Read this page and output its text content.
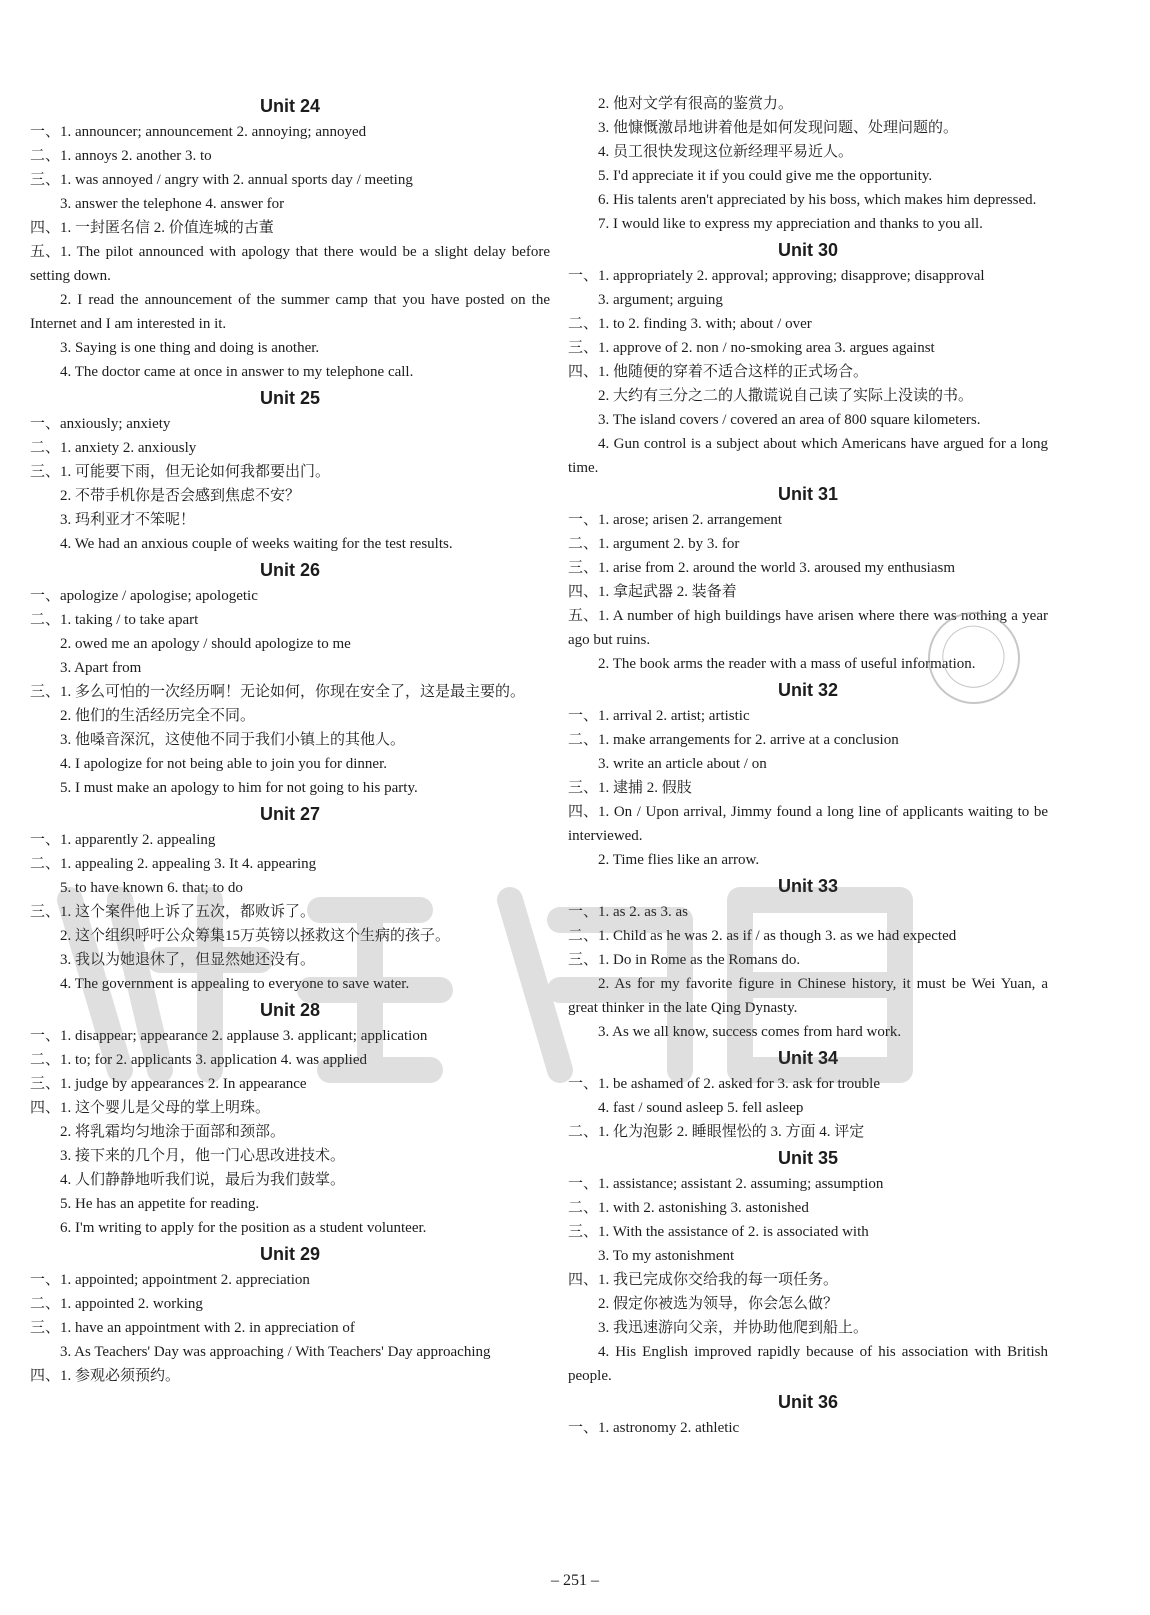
Unit 24
一、1. announcer; announcement 2. annoying; annoyed
二、1. annoys 2. another 3. to
三、1. was annoyed / angry with 2. annual sports day / meeting
3. answer the telephone 4. answer for
四、1. 一封匿名信 2. 价值连城的古董
五、1. The pilot announced with apology that there would be a slight delay before setting down.
2. I read the announcement of the summer camp that you have posted on the Internet and I am interested in it.
3. Saying is one thing and doing is another.
4. The doctor came at once in answer to my telephone call.
Unit 25
一、anxiously; anxiety
二、1. anxiety 2. anxiously
三、1. 可能要下雨，但无论如何我都要出门。
2. 不带手机你是否会感到焦虑不安？
3. 玛利亚才不笨呢！
4. We had an anxious couple of weeks waiting for the test results.
Unit 26
一、apologize / apologise; apologetic
二、1. taking / to take apart
2. owed me an apology / should apologize to me
3. Apart from
三、1. 多么可怕的一次经历啊！无论如何，你现在安全了，这是最主要的。
2. 他们的生活经历完全不同。
3. 他嗓音深沉，这使他不同于我们小镇上的其他人。
4. I apologize for not being able to join you for dinner.
5. I must make an apology to him for not going to his party.
Unit 27
一、1. apparently 2. appealing
二、1. appealing 2. appealing 3. It 4. appearing
5. to have known 6. that; to do
三、1. 这个案件他上诉了五次，都败诉了。
2. 这个组织呼吁公众筹集15万英镑以拯救这个生病的孩子。
3. 我以为她退休了，但显然她还没有。
4. The government is appealing to everyone to save water.
Unit 28
一、1. disappear; appearance 2. applause 3. applicant; application
二、1. to; for 2. applicants 3. application 4. was applied
三、1. judge by appearances 2. In appearance
四、1. 这个婴儿是父母的掌上明珠。
2. 将乳霜均匀地涂于面部和颈部。
3. 接下来的几个月，他一门心思改进技术。
4. 人们静静地听我们说，最后为我们鼓掌。
5. He has an appetite for reading.
6. I'm writing to apply for the position as a student volunteer.
Unit 29
一、1. appointed; appointment 2. appreciation
二、1. appointed 2. working
三、1. have an appointment with 2. in appreciation of
3. As Teachers' Day was approaching / With Teachers' Day approaching
四、1. 参观必须预约。
2. 他对文学有很高的鉴赏力。
3. 他慷慨激昂地讲着他是如何发现问题、处理问题的。
4. 员工很快发现这位新经理平易近人。
5. I'd appreciate it if you could give me the opportunity.
6. His talents aren't appreciated by his boss, which makes him depressed.
7. I would like to express my appreciation and thanks to you all.
Unit 30
一、1. appropriately 2. approval; approving; disapprove; disapproval
3. argument; arguing
二、1. to 2. finding 3. with; about / over
三、1. approve of 2. non / no-smoking area 3. argues against
四、1. 他随便的穿着不适合这样的正式场合。
2. 大约有三分之二的人撒谎说自己读了实际上没读的书。
3. The island covers / covered an area of 800 square kilometers.
4. Gun control is a subject about which Americans have argued for a long time.
Unit 31
一、1. arose; arisen 2. arrangement
二、1. argument 2. by 3. for
三、1. arise from 2. around the world 3. aroused my enthusiasm
四、1. 拿起武器 2. 装备着
五、1. A number of high buildings have arisen where there was nothing a year ago but ruins.
2. The book arms the reader with a mass of useful information.
Unit 32
一、1. arrival 2. artist; artistic
二、1. make arrangements for 2. arrive at a conclusion
3. write an article about / on
三、1. 逮捕 2. 假肢
四、1. On / Upon arrival, Jimmy found a long line of applicants waiting to be interviewed.
2. Time flies like an arrow.
Unit 33
一、1. as 2. as 3. as
二、1. Child as he was 2. as if / as though 3. as we had expected
三、1. Do in Rome as the Romans do.
2. As for my favorite figure in Chinese history, it must be Wei Yuan, a great thinker in the late Qing Dynasty.
3. As we all know, success comes from hard work.
Unit 34
一、1. be ashamed of 2. asked for 3. ask for trouble
4. fast / sound asleep 5. fell asleep
二、1. 化为泡影 2. 睡眼惺忪的 3. 方面 4. 评定
Unit 35
一、1. assistance; assistant 2. assuming; assumption
二、1. with 2. astonishing 3. astonished
三、1. With the assistance of 2. is associated with
3. To my astonishment
四、1. 我已完成你交给我的每一项任务。
2. 假定你被选为领导，你会怎么做？
3. 我迅速游向父亲，并协助他爬到船上。
4. His English improved rapidly because of his association with British people.
Unit 36
一、1. astronomy 2. athletic
– 251 –
